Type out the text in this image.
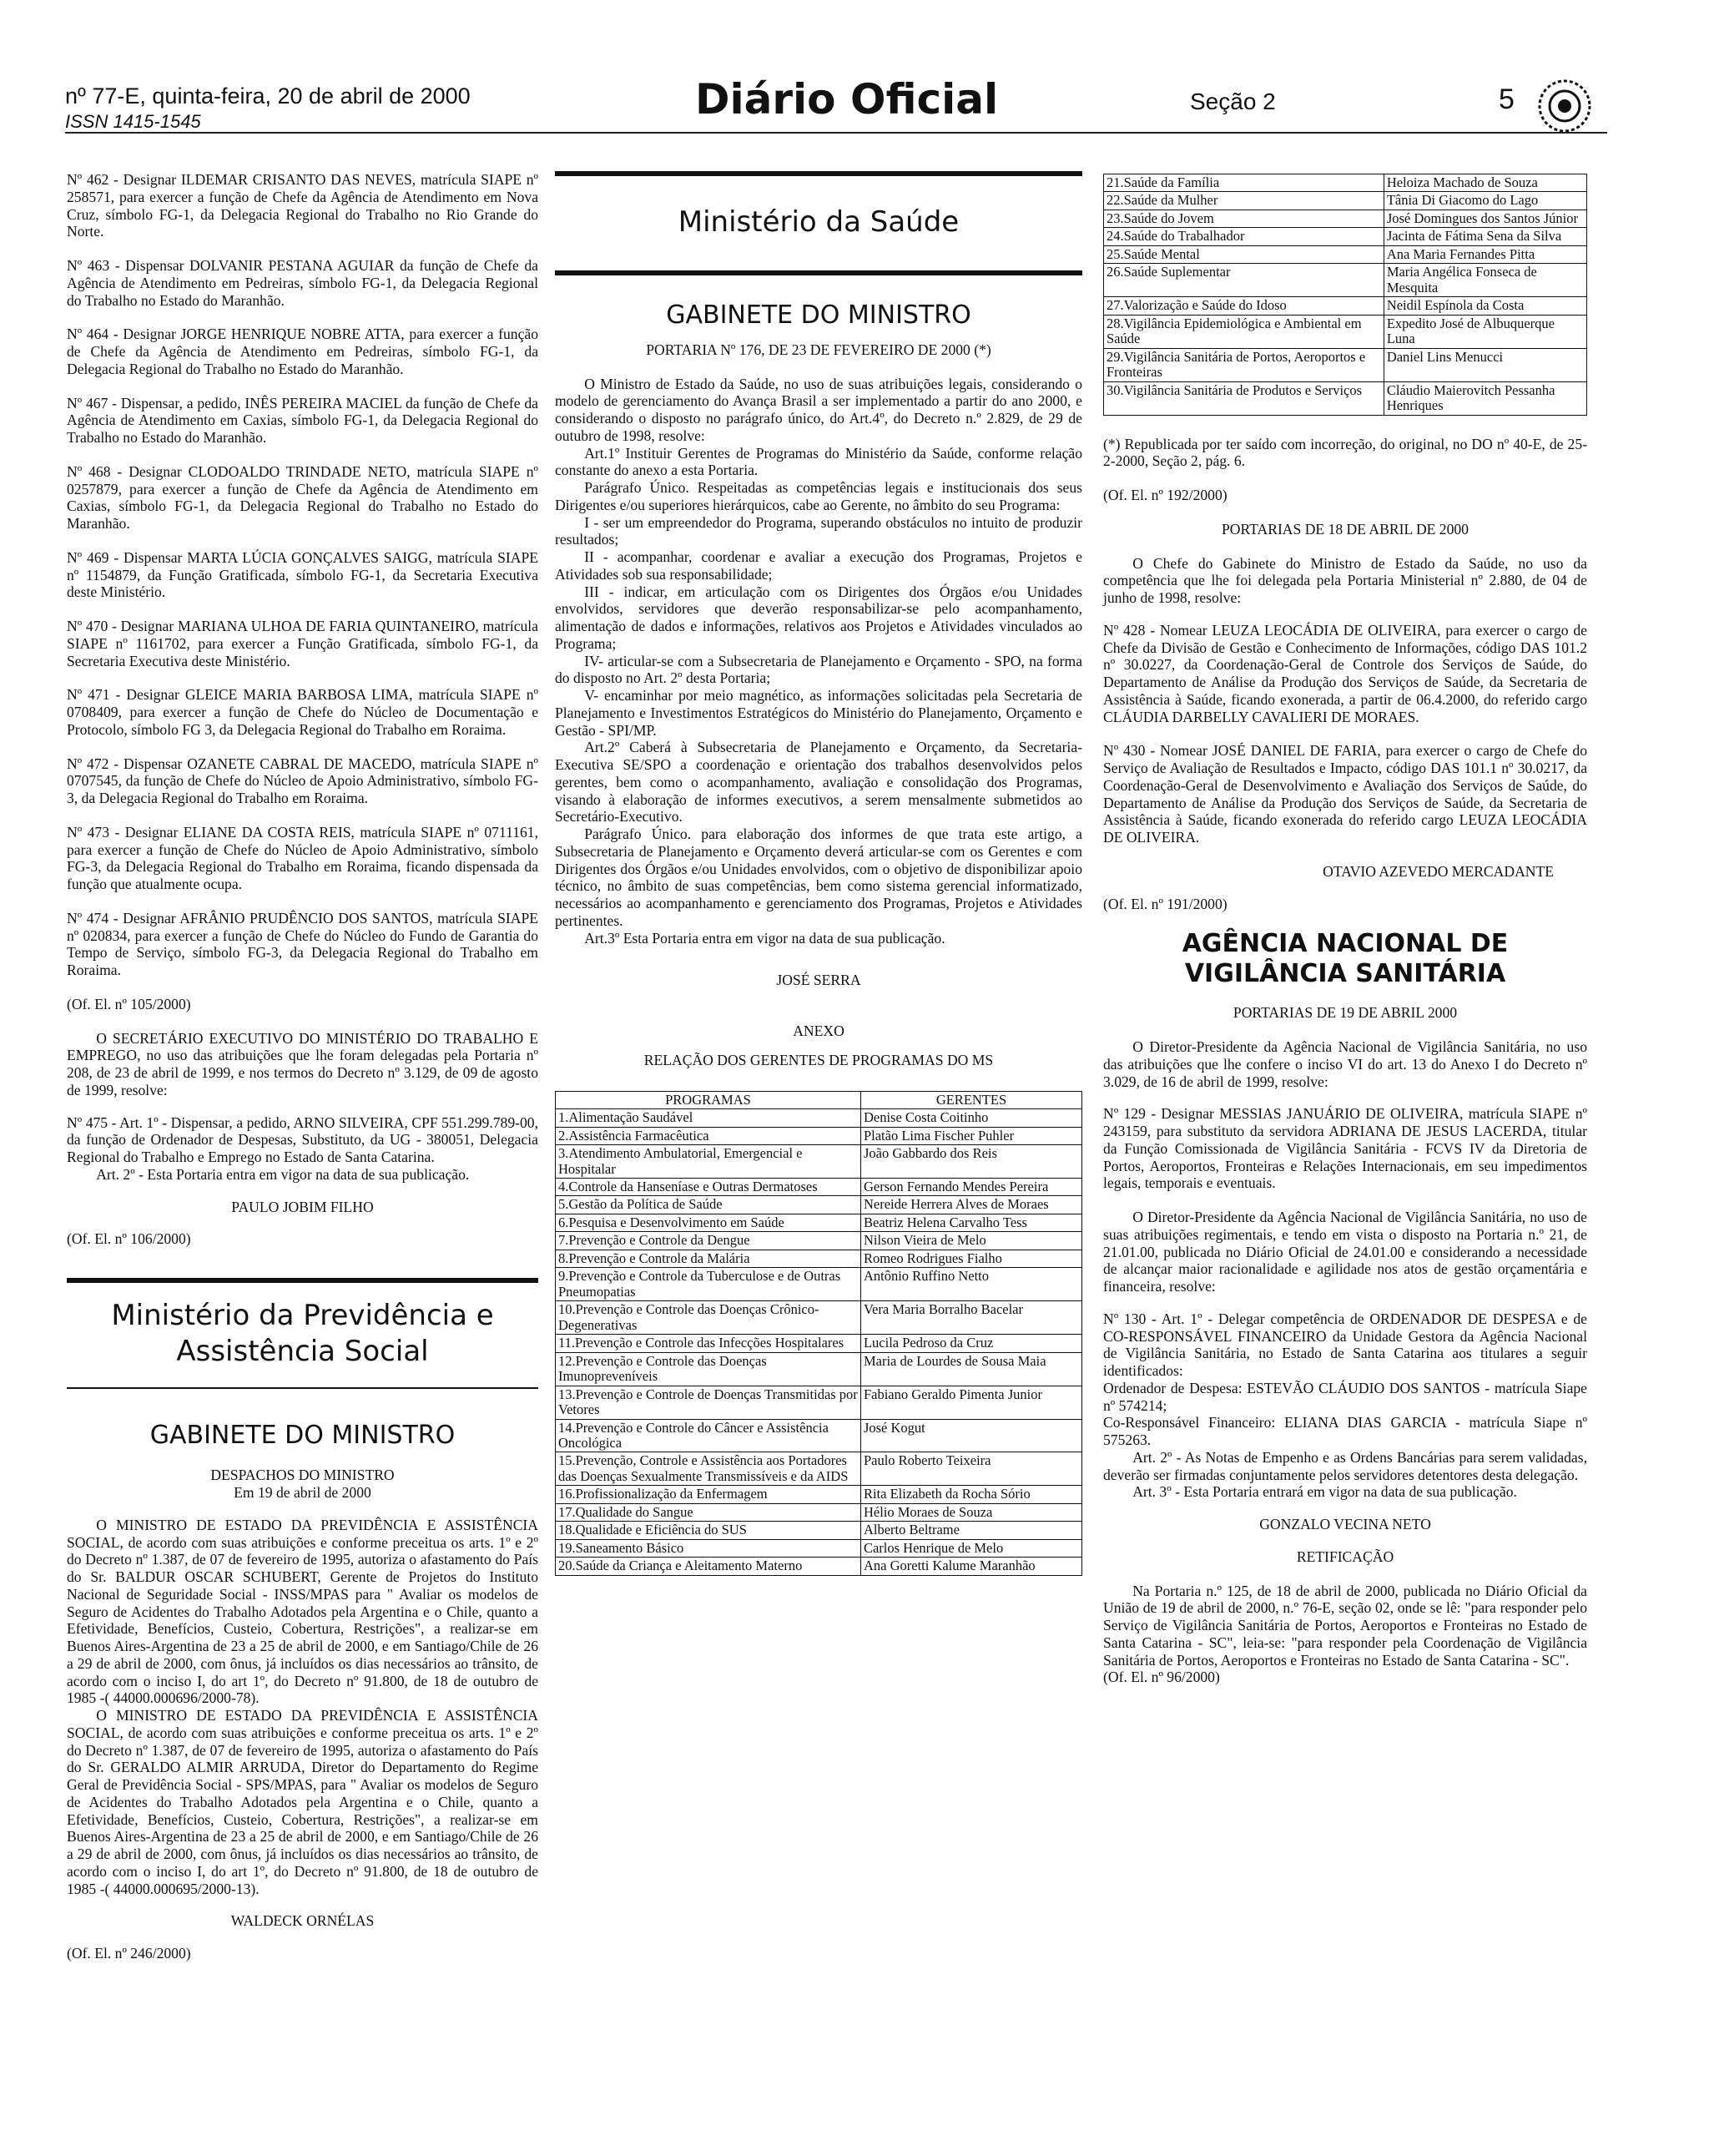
nº 77-E, quinta-feira, 20 de abril de 2000
ISSN 1415-1545	Diário Oficial	Seção 2	5

Nº 462 - Designar ILDEMAR CRISANTO DAS NEVES, matrícula SIAPE nº 258571, para exercer a função de Chefe da Agência de Atendimento em Nova Cruz, símbolo FG-1, da Delegacia Regional do Trabalho no Rio Grande do Norte.

Nº 463 - Dispensar DOLVANIR PESTANA AGUIAR da função de Chefe da Agência de Atendimento em Pedreiras, símbolo FG-1, da Delegacia Regional do Trabalho no Estado do Maranhão.

Nº 464 - Designar JORGE HENRIQUE NOBRE ATTA, para exercer a função de Chefe da Agência de Atendimento em Pedreiras, símbolo FG-1, da Delegacia Regional do Trabalho no Estado do Maranhão.

Nº 467 - Dispensar, a pedido, INÊS PEREIRA MACIEL da função de Chefe da Agência de Atendimento em Caxias, símbolo FG-1, da Delegacia Regional do Trabalho no Estado do Maranhão.

Nº 468 - Designar CLODOALDO TRINDADE NETO, matrícula SIAPE nº 0257879, para exercer a função de Chefe da Agência de Atendimento em Caxias, símbolo FG-1, da Delegacia Regional do Trabalho no Estado do Maranhão.

Nº 469 - Dispensar MARTA LÚCIA GONÇALVES SAIGG, matrícula SIAPE nº 1154879, da Função Gratificada, símbolo FG-1, da Secretaria Executiva deste Ministério.

Nº 470 - Designar MARIANA ULHOA DE FARIA QUINTANEIRO, matrícula SIAPE nº 1161702, para exercer a Função Gratificada, símbolo FG-1, da Secretaria Executiva deste Ministério.

Nº 471 - Designar GLEICE MARIA BARBOSA LIMA, matrícula SIAPE nº 0708409, para exercer a função de Chefe do Núcleo de Documentação e Protocolo, símbolo FG 3, da Delegacia Regional do Trabalho em Roraima.

Nº 472 - Dispensar OZANETE CABRAL DE MACEDO, matrícula SIAPE nº 0707545, da função de Chefe do Núcleo de Apoio Administrativo, símbolo FG-3, da Delegacia Regional do Trabalho em Roraima.

Nº 473 - Designar ELIANE DA COSTA REIS, matrícula SIAPE nº 0711161, para exercer a função de Chefe do Núcleo de Apoio Administrativo, símbolo FG-3, da Delegacia Regional do Trabalho em Roraima, ficando dispensada da função que atualmente ocupa.

Nº 474 - Designar AFRÂNIO PRUDÊNCIO DOS SANTOS, matrícula SIAPE nº 020834, para exercer a função de Chefe do Núcleo do Fundo de Garantia do Tempo de Serviço, símbolo FG-3, da Delegacia Regional do Trabalho em Roraima.

(Of. El. nº 105/2000)

O SECRETÁRIO EXECUTIVO DO MINISTÉRIO DO TRABALHO E EMPREGO, no uso das atribuições que lhe foram delegadas pela Portaria nº 208, de 23 de abril de 1999, e nos termos do Decreto nº 3.129, de 09 de agosto de 1999, resolve:

Nº 475 - Art. 1º - Dispensar, a pedido, ARNO SILVEIRA, CPF 551.299.789-00, da função de Ordenador de Despesas, Substituto, da UG - 380051, Delegacia Regional do Trabalho e Emprego no Estado de Santa Catarina.

Art. 2º - Esta Portaria entra em vigor na data de sua publicação.

PAULO JOBIM FILHO

(Of. El. nº 106/2000)

Ministério da Previdência e Assistência Social
GABINETE DO MINISTRO

DESPACHOS DO MINISTRO

Em 19 de abril de 2000

O MINISTRO DE ESTADO DA PREVIDÊNCIA E ASSISTÊNCIA SOCIAL, de acordo com suas atribuições e conforme preceitua os arts. 1º e 2º do Decreto nº 1.387, de 07 de fevereiro de 1995, autoriza o afastamento do País do Sr. BALDUR OSCAR SCHUBERT, Gerente de Projetos do Instituto Nacional de Seguridade Social - INSS/MPAS para " Avaliar os modelos de Seguro de Acidentes do Trabalho Adotados pela Argentina e o Chile, quanto a Efetividade, Benefícios, Custeio, Cobertura, Restrições", a realizar-se em Buenos Aires-Argentina de 23 a 25 de abril de 2000, e em Santiago/Chile de 26 a 29 de abril de 2000, com ônus, já incluídos os dias necessários ao trânsito, de acordo com o inciso I, do art 1º, do Decreto nº 91.800, de 18 de outubro de 1985 -( 44000.000696/2000-78).

O MINISTRO DE ESTADO DA PREVIDÊNCIA E ASSISTÊNCIA SOCIAL, de acordo com suas atribuições e conforme preceitua os arts. 1º e 2º do Decreto nº 1.387, de 07 de fevereiro de 1995, autoriza o afastamento do País do Sr. GERALDO ALMIR ARRUDA, Diretor do Departamento do Regime Geral de Previdência Social - SPS/MPAS, para " Avaliar os modelos de Seguro de Acidentes do Trabalho Adotados pela Argentina e o Chile, quanto a Efetividade, Benefícios, Custeio, Cobertura, Restrições", a realizar-se em Buenos Aires-Argentina de 23 a 25 de abril de 2000, e em Santiago/Chile de 26 a 29 de abril de 2000, com ônus, já incluídos os dias necessários ao trânsito, de acordo com o inciso I, do art 1º, do Decreto nº 91.800, de 18 de outubro de 1985 -( 44000.000695/2000-13).

WALDECK ORNÉLAS

(Of. El. nº 246/2000)

Ministério da Saúde
GABINETE DO MINISTRO

PORTARIA Nº 176, DE 23 DE FEVEREIRO DE 2000 (*)

O Ministro de Estado da Saúde, no uso de suas atribuições legais, considerando o modelo de gerenciamento do Avança Brasil a ser implementado a partir do ano 2000, e considerando o disposto no parágrafo único, do Art.4º, do Decreto n.º 2.829, de 29 de outubro de 1998, resolve:

Art.1º Instituir Gerentes de Programas do Ministério da Saúde, conforme relação constante do anexo a esta Portaria.

Parágrafo Único. Respeitadas as competências legais e institucionais dos seus Dirigentes e/ou superiores hierárquicos, cabe ao Gerente, no âmbito do seu Programa:

I - ser um empreendedor do Programa, superando obstáculos no intuito de produzir resultados;

II - acompanhar, coordenar e avaliar a execução dos Programas, Projetos e Atividades sob sua responsabilidade;

III - indicar, em articulação com os Dirigentes dos Órgãos e/ou Unidades envolvidos, servidores que deverão responsabilizar-se pelo acompanhamento, alimentação de dados e informações, relativos aos Projetos e Atividades vinculados ao Programa;

IV- articular-se com a Subsecretaria de Planejamento e Orçamento - SPO, na forma do disposto no Art. 2º desta Portaria;

V- encaminhar por meio magnético, as informações solicitadas pela Secretaria de Planejamento e Investimentos Estratégicos do Ministério do Planejamento, Orçamento e Gestão - SPI/MP.

Art.2º Caberá à Subsecretaria de Planejamento e Orçamento, da Secretaria-Executiva SE/SPO a coordenação e orientação dos trabalhos desenvolvidos pelos gerentes, bem como o acompanhamento, avaliação e consolidação dos Programas, visando à elaboração de informes executivos, a serem mensalmente submetidos ao Secretário-Executivo.

Parágrafo Único. para elaboração dos informes de que trata este artigo, a Subsecretaria de Planejamento e Orçamento deverá articular-se com os Gerentes e com Dirigentes dos Órgãos e/ou Unidades envolvidos, com o objetivo de disponibilizar apoio técnico, no âmbito de suas competências, bem como sistema gerencial informatizado, necessários ao acompanhamento e gerenciamento dos Programas, Projetos e Atividades pertinentes.

Art.3º Esta Portaria entra em vigor na data de sua publicação.

JOSÉ SERRA

ANEXO

RELAÇÃO DOS GERENTES DE PROGRAMAS DO MS

PROGRAMAS	GERENTES
1.Alimentação Saudável	Denise Costa Coitinho
2.Assistência Farmacêutica	Platão Lima Fischer Puhler
3.Atendimento Ambulatorial, Emergencial e Hospitalar	João Gabbardo dos Reis
4.Controle da Hanseníase e Outras Dermatoses	Gerson Fernando Mendes Pereira
5.Gestão da Política de Saúde	Nereide Herrera Alves de Moraes
6.Pesquisa e Desenvolvimento em Saúde	Beatriz Helena Carvalho Tess
7.Prevenção e Controle da Dengue	Nilson Vieira de Melo
8.Prevenção e Controle da Malária	Romeo Rodrigues Fialho
9.Prevenção e Controle da Tuberculose e de Outras Pneumopatias	Antônio Ruffino Netto
10.Prevenção e Controle das Doenças Crônico-Degenerativas	Vera Maria Borralho Bacelar
11.Prevenção e Controle das Infecções Hospitalares	Lucila Pedroso da Cruz
12.Prevenção e Controle das Doenças Imunopreveníveis	Maria de Lourdes de Sousa Maia
13.Prevenção e Controle de Doenças Transmitidas por Vetores	Fabiano Geraldo Pimenta Junior
14.Prevenção e Controle do Câncer e Assistência Oncológica	José Kogut
15.Prevenção, Controle e Assistência aos Portadores das Doenças Sexualmente Transmissíveis e da AIDS	Paulo Roberto Teixeira
16.Profissionalização da Enfermagem	Rita Elizabeth da Rocha Sório
17.Qualidade do Sangue	Hélio Moraes de Souza
18.Qualidade e Eficiência do SUS	Alberto Beltrame
19.Saneamento Básico	Carlos Henrique de Melo
20.Saúde da Criança e Aleitamento Materno	Ana Goretti Kalume Maranhão
21.Saúde da Família	Heloiza Machado de Souza
22.Saúde da Mulher	Tânia Di Giacomo do Lago
23.Saúde do Jovem	José Domingues dos Santos Júnior
24.Saúde do Trabalhador	Jacinta de Fátima Sena da Silva
25.Saúde Mental	Ana Maria Fernandes Pitta
26.Saúde Suplementar	Maria Angélica Fonseca de Mesquita
27.Valorização e Saúde do Idoso	Neidil Espínola da Costa
28.Vigilância Epidemiológica e Ambiental em Saúde	Expedito José de Albuquerque Luna
29.Vigilância Sanitária de Portos, Aeroportos e Fronteiras	Daniel Lins Menucci
30.Vigilância Sanitária de Produtos e Serviços	Cláudio Maierovitch Pessanha Henriques

(*) Republicada por ter saído com incorreção, do original, no DO nº 40-E, de 25-2-2000, Seção 2, pág. 6.

(Of. El. nº 192/2000)

PORTARIAS DE 18 DE ABRIL DE 2000

O Chefe do Gabinete do Ministro de Estado da Saúde, no uso da competência que lhe foi delegada pela Portaria Ministerial nº 2.880, de 04 de junho de 1998, resolve:

Nº 428 - Nomear LEUZA LEOCÁDIA DE OLIVEIRA, para exercer o cargo de Chefe da Divisão de Gestão e Conhecimento de Informações, código DAS 101.2 nº 30.0227, da Coordenação-Geral de Controle dos Serviços de Saúde, do Departamento de Análise da Produção dos Serviços de Saúde, da Secretaria de Assistência à Saúde, ficando exonerada, a partir de 06.4.2000, do referido cargo CLÁUDIA DARBELLY CAVALIERI DE MORAES.

Nº 430 - Nomear JOSÉ DANIEL DE FARIA, para exercer o cargo de Chefe do Serviço de Avaliação de Resultados e Impacto, código DAS 101.1 nº 30.0217, da Coordenação-Geral de Desenvolvimento e Avaliação dos Serviços de Saúde, do Departamento de Análise da Produção dos Serviços de Saúde, da Secretaria de Assistência à Saúde, ficando exonerada do referido cargo LEUZA LEOCÁDIA DE OLIVEIRA.

OTAVIO AZEVEDO MERCADANTE

(Of. El. nº 191/2000)

AGÊNCIA NACIONAL DE VIGILÂNCIA SANITÁRIA

PORTARIAS DE 19 DE ABRIL 2000

O Diretor-Presidente da Agência Nacional de Vigilância Sanitária, no uso das atribuições que lhe confere o inciso VI do art. 13 do Anexo I do Decreto nº 3.029, de 16 de abril de 1999, resolve:

Nº 129 - Designar MESSIAS JANUÁRIO DE OLIVEIRA, matrícula SIAPE nº 243159, para substituto da servidora ADRIANA DE JESUS LACERDA, titular da Função Comissionada de Vigilância Sanitária - FCVS IV da Diretoria de Portos, Aeroportos, Fronteiras e Relações Internacionais, em seu impedimentos legais, temporais e eventuais.

O Diretor-Presidente da Agência Nacional de Vigilância Sanitária, no uso de suas atribuições regimentais, e tendo em vista o disposto na Portaria n.º 21, de 21.01.00, publicada no Diário Oficial de 24.01.00 e considerando a necessidade de alcançar maior racionalidade e agilidade nos atos de gestão orçamentária e financeira, resolve:

Nº 130 - Art. 1º - Delegar competência de ORDENADOR DE DESPESA e de CO-RESPONSÁVEL FINANCEIRO da Unidade Gestora da Agência Nacional de Vigilância Sanitária, no Estado de Santa Catarina aos titulares a seguir identificados:

Ordenador de Despesa: ESTEVÃO CLÁUDIO DOS SANTOS - matrícula Siape nº 574214;

Co-Responsável Financeiro: ELIANA DIAS GARCIA - matrícula Siape nº 575263.

Art. 2º - As Notas de Empenho e as Ordens Bancárias para serem validadas, deverão ser firmadas conjuntamente pelos servidores detentores desta delegação.

Art. 3º - Esta Portaria entrará em vigor na data de sua publicação.

GONZALO VECINA NETO

RETIFICAÇÃO

Na Portaria n.º 125, de 18 de abril de 2000, publicada no Diário Oficial da União de 19 de abril de 2000, n.º 76-E, seção 02, onde se lê: "para responder pelo Serviço de Vigilância Sanitária de Portos, Aeroportos e Fronteiras no Estado de Santa Catarina - SC", leia-se: "para responder pela Coordenação de Vigilância Sanitária de Portos, Aeroportos e Fronteiras no Estado de Santa Catarina - SC".

(Of. El. nº 96/2000)
